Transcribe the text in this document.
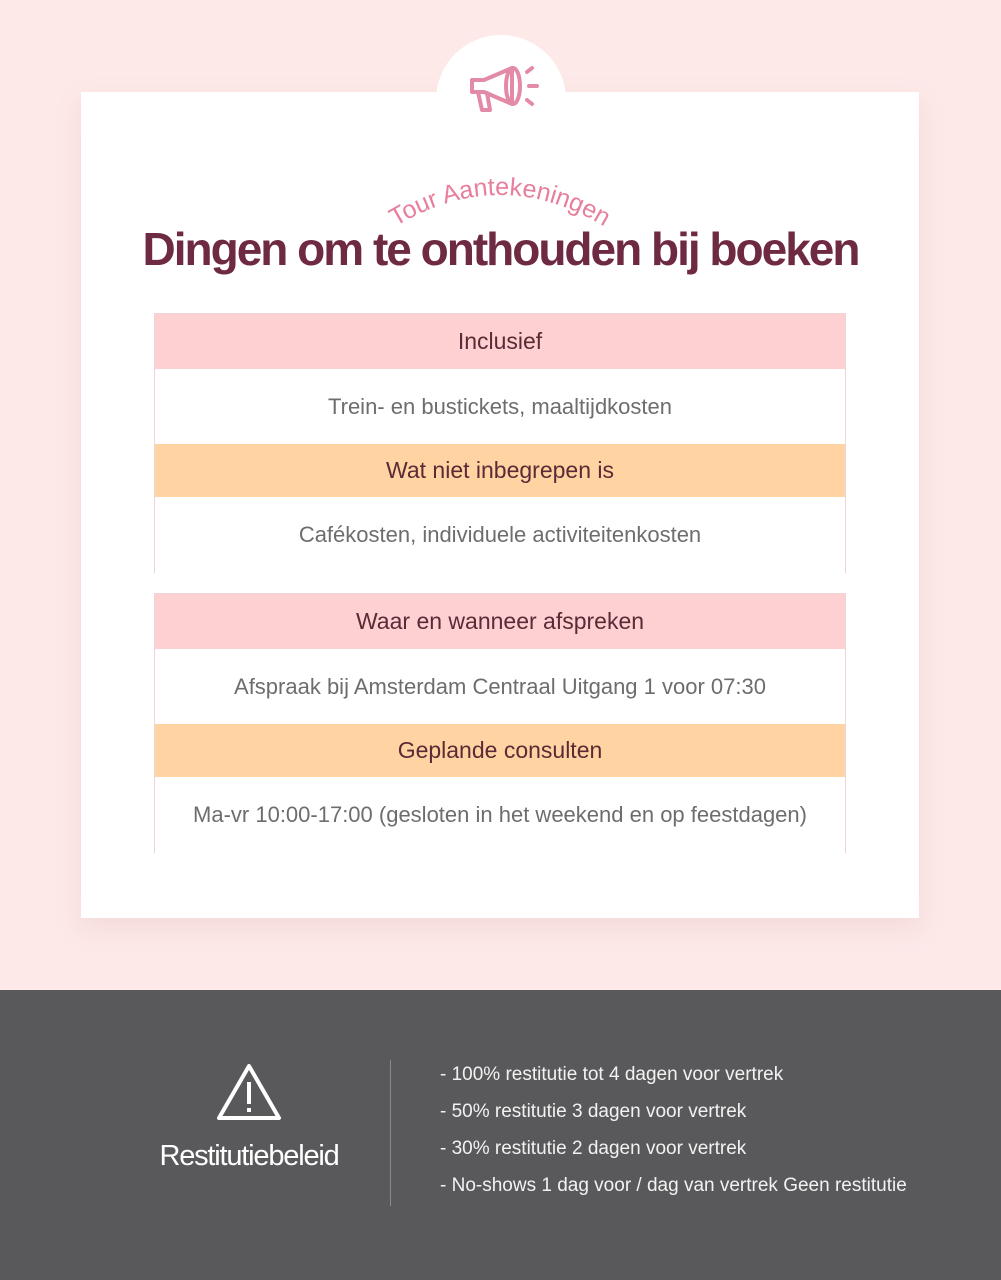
Tour Aantekeningen
Dingen om te onthouden bij boeken
Inclusief
Trein- en bustickets, maaltijdkosten
Wat niet inbegrepen is
Cafékosten, individuele activiteitenkosten
Waar en wanneer afspreken
Afspraak bij Amsterdam Centraal Uitgang 1 voor 07:30
Geplande consulten
Ma-vr 10:00-17:00 (gesloten in het weekend en op feestdagen)
Restitutiebeleid
- 100% restitutie tot 4 dagen voor vertrek
- 50% restitutie 3 dagen voor vertrek
- 30% restitutie 2 dagen voor vertrek
- No-shows 1 dag voor / dag van vertrek Geen restitutie
